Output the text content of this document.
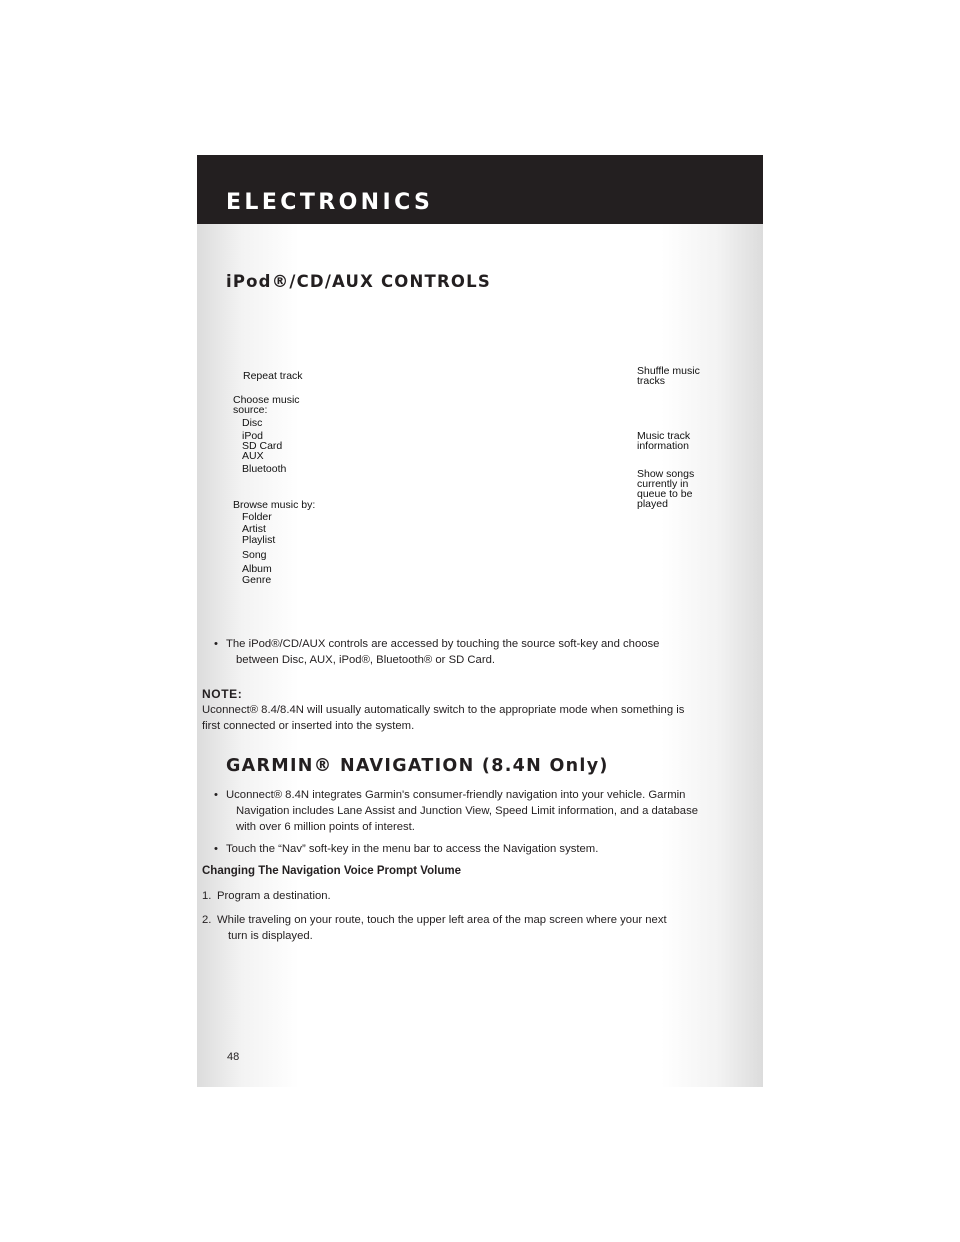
ELECTRONICS
iPod®/CD/AUX CONTROLS
Repeat track
Choose music
source:
Disc
iPod
SD Card
AUX
Bluetooth
Browse music by:
Folder
Artist
Playlist
Song
Album
Genre
Shuffle music
tracks
Music track
information
Show songs
currently in
queue to be
played
• The iPod®/CD/AUX controls are accessed by touching the source soft-key and choose
between Disc, AUX, iPod®, Bluetooth® or SD Card.
NOTE:
Uconnect® 8.4/8.4N will usually automatically switch to the appropriate mode when something is
first connected or inserted into the system.
GARMIN® NAVIGATION (8.4N Only)
• Uconnect® 8.4N integrates Garmin's consumer-friendly navigation into your vehicle. Garmin
Navigation includes Lane Assist and Junction View, Speed Limit information, and a database
with over 6 million points of interest.
• Touch the “Nav” soft-key in the menu bar to access the Navigation system.
Changing The Navigation Voice Prompt Volume
1. Program a destination.
2. While traveling on your route, touch the upper left area of the map screen where your next
turn is displayed.
48
